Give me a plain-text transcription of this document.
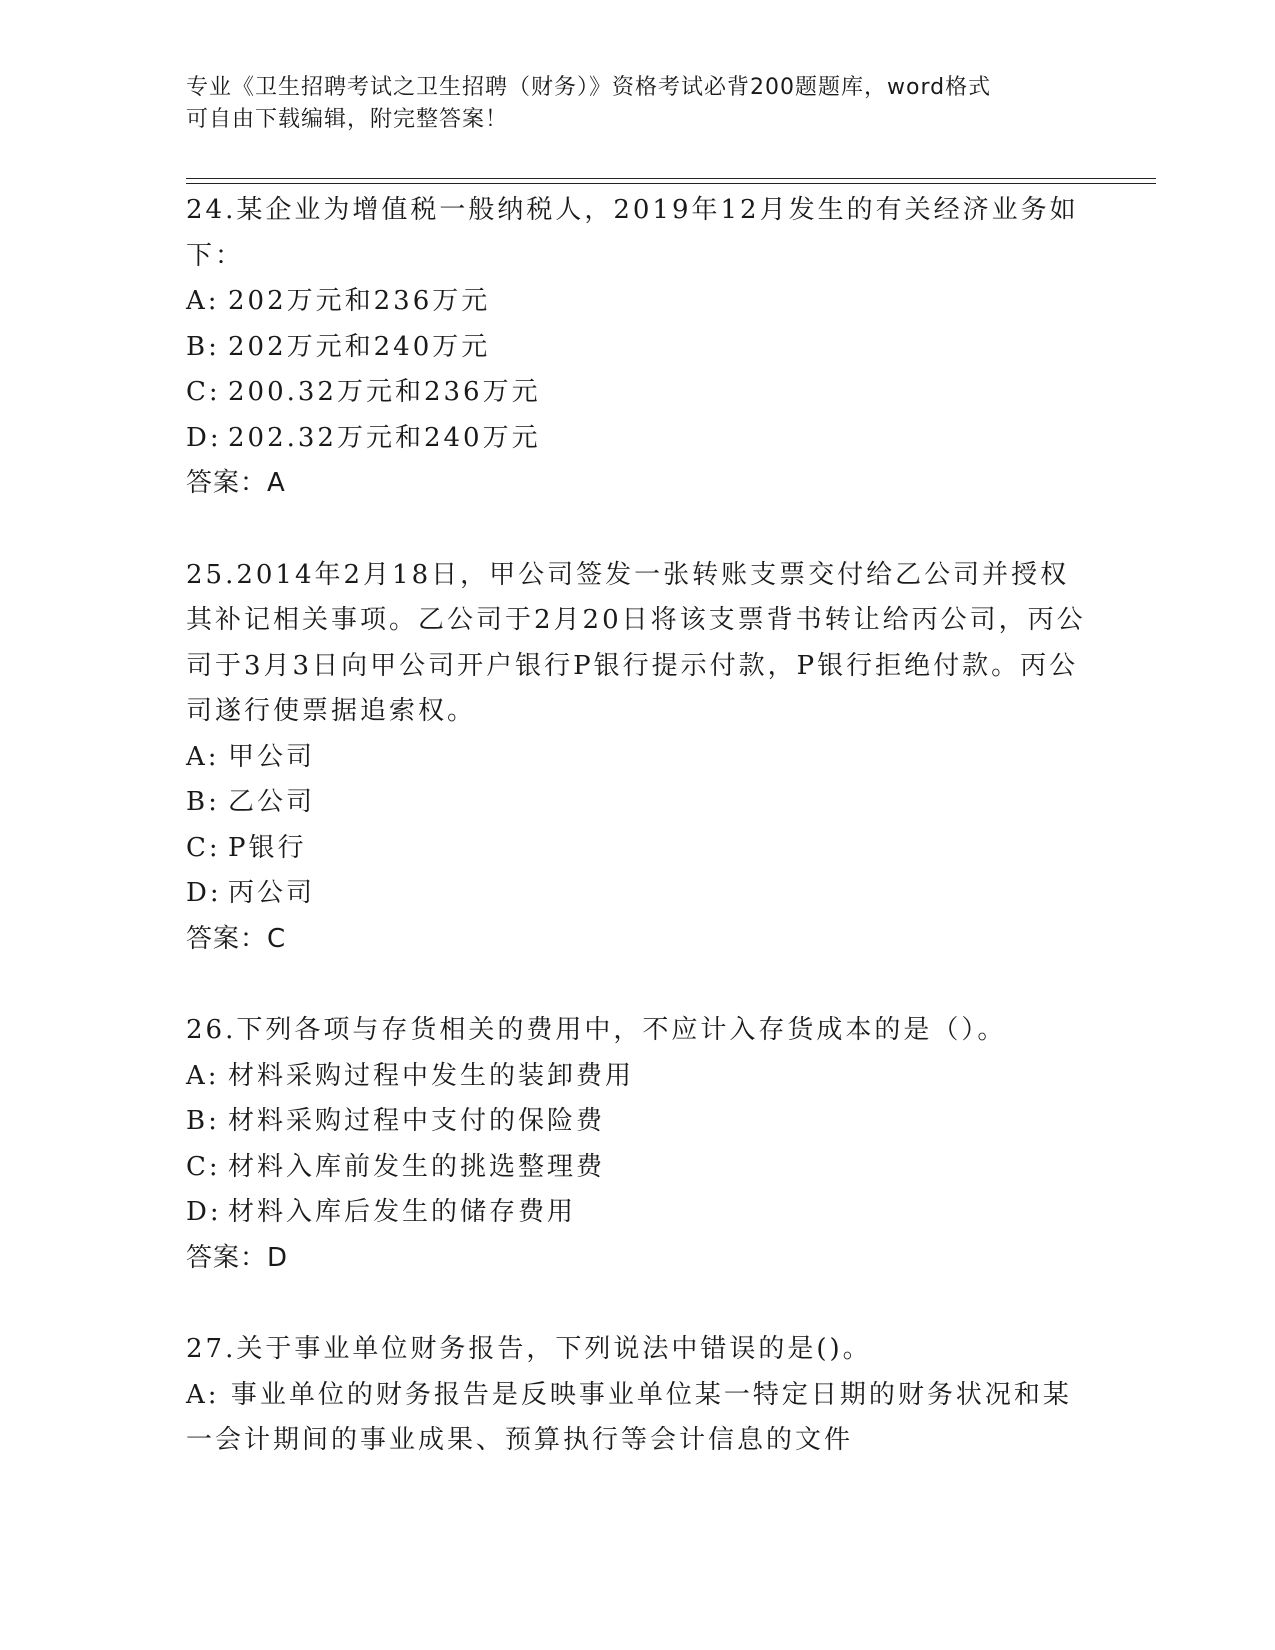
专业《卫生招聘考试之卫生招聘（财务）》资格考试必背200题题库，word格式
可自由下载编辑，附完整答案！

24.某企业为增值税一般纳税人，2019年12月发生的有关经济业务如下：

A: 202万元和236万元

B: 202万元和240万元

C: 200.32万元和236万元

D: 202.32万元和240万元

答案：A

25.2014年2月18日，甲公司签发一张转账支票交付给乙公司并授权其补记相关事项。乙公司于2月20日将该支票背书转让给丙公司，丙公司于3月3日向甲公司开户银行P银行提示付款，P银行拒绝付款。丙公司遂行使票据追索权。

A: 甲公司

B: 乙公司

C: P银行

D: 丙公司

答案：C

26.下列各项与存货相关的费用中，不应计入存货成本的是（）。

A: 材料采购过程中发生的装卸费用

B: 材料采购过程中支付的保险费

C: 材料入库前发生的挑选整理费

D: 材料入库后发生的储存费用

答案：D

27.关于事业单位财务报告，下列说法中错误的是()。

A: 事业单位的财务报告是反映事业单位某一特定日期的财务状况和某一会计期间的事业成果、预算执行等会计信息的文件
